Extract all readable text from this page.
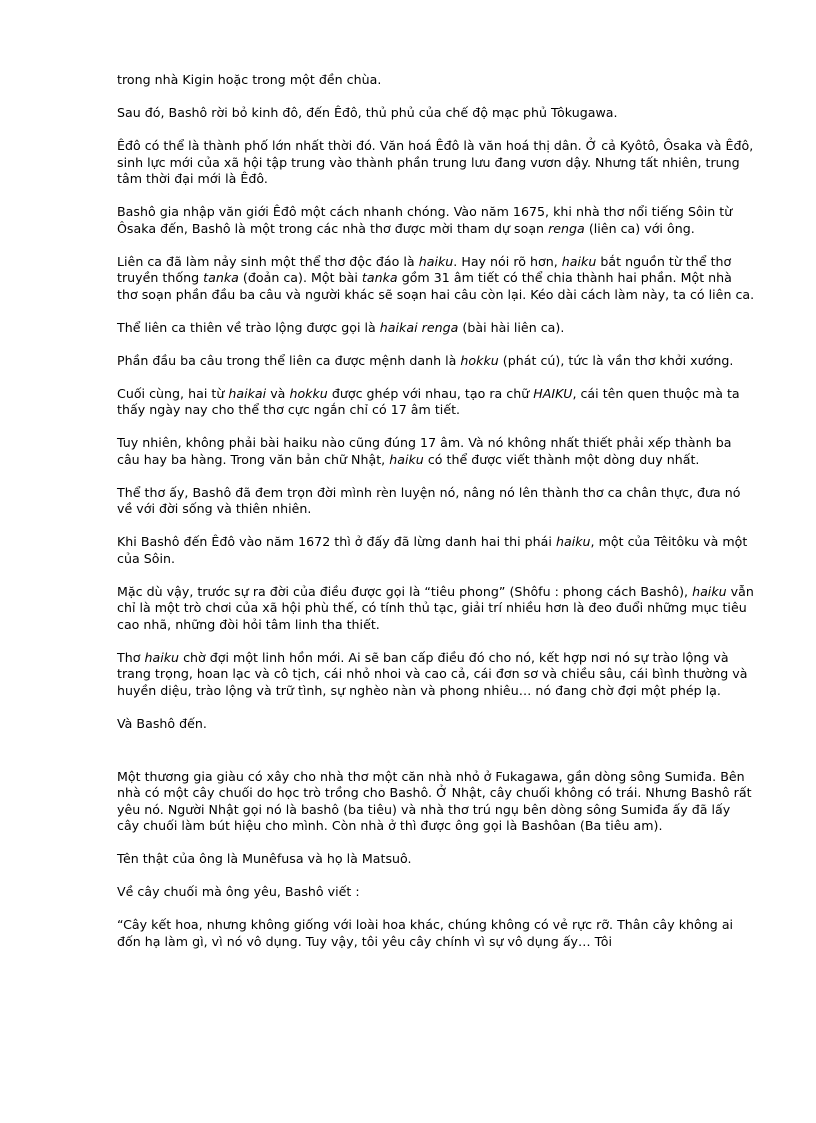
trong nhà Kigin hoặc trong một đền chùa.

Sau đó, Bashô rời bỏ kinh đô, đến Êđô, thủ phủ của chế độ mạc phủ Tôkugawa.

Êđô có thể là thành phố lớn nhất thời đó. Văn hoá Êđô là văn hoá thị dân. Ở cả Kyôtô, Ôsaka và Êđô, sinh lực mới của xã hội tập trung vào thành phần trung lưu đang vươn dậy. Nhưng tất nhiên, trung tâm thời đại mới là Êđô.

Bashô gia nhập văn giới Êđô một cách nhanh chóng. Vào năm 1675, khi nhà thơ nổi tiếng Sôin từ Ôsaka đến, Bashô là một trong các nhà thơ được mời tham dự soạn renga (liên ca) với ông.

Liên ca đã làm nảy sinh một thể thơ độc đáo là haiku. Hay nói rõ hơn, haiku bắt nguồn từ thể thơ truyền thống tanka (đoản ca). Một bài tanka gồm 31 âm tiết có thể chia thành hai phần. Một nhà thơ soạn phần đầu ba câu và người khác sẽ soạn hai câu còn lại. Kéo dài cách làm này, ta có liên ca.

Thể liên ca thiên về trào lộng được gọi là haikai renga (bài hài liên ca).

Phần đầu ba câu trong thể liên ca được mệnh danh là hokku (phát cú), tức là vần thơ khởi xướng.

Cuối cùng, hai từ haikai và hokku được ghép với nhau, tạo ra chữ HAIKU, cái tên quen thuộc mà ta thấy ngày nay cho thể thơ cực ngắn chỉ có 17 âm tiết.

Tuy nhiên, không phải bài haiku nào cũng đúng 17 âm. Và nó không nhất thiết phải xếp thành ba câu hay ba hàng. Trong văn bản chữ Nhật, haiku có thể được viết thành một dòng duy nhất.

Thể thơ ấy, Bashô đã đem trọn đời mình rèn luyện nó, nâng nó lên thành thơ ca chân thực, đưa nó về với đời sống và thiên nhiên.

Khi Bashô đến Êđô vào năm 1672 thì ở đấy đã lừng danh hai thi phái haiku, một của Têitôku và một của Sôin.

Mặc dù vậy, trước sự ra đời của điều được gọi là “tiêu phong” (Shôfu : phong cách Bashô), haiku vẫn chỉ là một trò chơi của xã hội phù thế, có tính thủ tạc, giải trí nhiều hơn là đeo đuổi những mục tiêu cao nhã, những đòi hỏi tâm linh tha thiết.

Thơ haiku chờ đợi một linh hồn mới. Ai sẽ ban cấp điều đó cho nó, kết hợp nơi nó sự trào lộng và trang trọng, hoan lạc và cô tịch, cái nhỏ nhoi và cao cả, cái đơn sơ và chiều sâu, cái bình thường và huyền diệu, trào lộng và trữ tình, sự nghèo nàn và phong nhiêu… nó đang chờ đợi một phép lạ.

Và Bashô đến.

Một thương gia giàu có xây cho nhà thơ một căn nhà nhỏ ở Fukagawa, gần dòng sông Sumiđa. Bên nhà có một cây chuối do học trò trồng cho Bashô. Ở Nhật, cây chuối không có trái. Nhưng Bashô rất yêu nó. Người Nhật gọi nó là bashô (ba tiêu) và nhà thơ trú ngụ bên dòng sông Sumiđa ấy đã lấy cây chuối làm bút hiệu cho mình. Còn nhà ở thì được ông gọi là Bashôan (Ba tiêu am).

Tên thật của ông là Munêfusa và họ là Matsuô.

Về cây chuối mà ông yêu, Bashô viết :

“Cây kết hoa, nhưng không giống với loài hoa khác, chúng không có vẻ rực rỡ. Thân cây không ai đốn hạ làm gì, vì nó vô dụng. Tuy vậy, tôi yêu cây chính vì sự vô dụng ấy… Tôi
